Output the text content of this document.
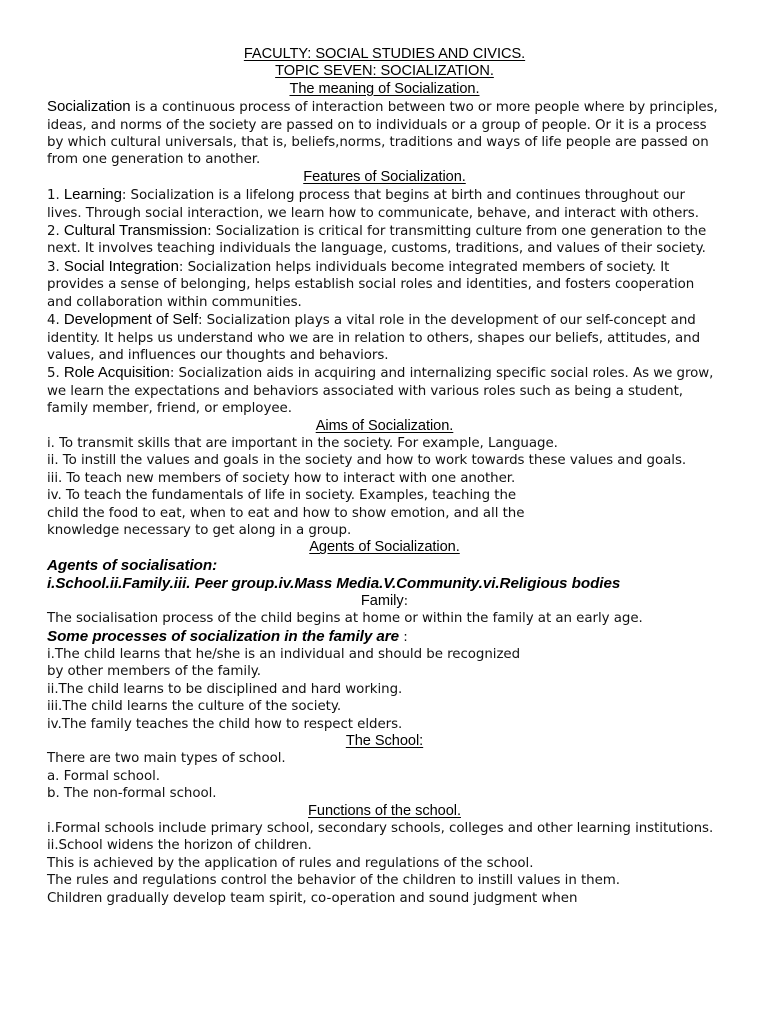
FACULTY: SOCIAL STUDIES AND CIVICS.
TOPIC SEVEN: SOCIALIZATION.
The meaning of Socialization.

Socialization is a continuous process of interaction between two or more people where by principles, ideas, and norms of the society are passed on to individuals or a group of people. Or it is a process by which cultural universals, that is, beliefs,norms, traditions and ways of life people are passed on from one generation to another.

Features of Socialization.

1. Learning: Socialization is a lifelong process that begins at birth and continues throughout our lives. Through social interaction, we learn how to communicate, behave, and interact with others.

2. Cultural Transmission: Socialization is critical for transmitting culture from one generation to the next. It involves teaching individuals the language, customs, traditions, and values of their society.

3. Social Integration: Socialization helps individuals become integrated members of society. It provides a sense of belonging, helps establish social roles and identities, and fosters cooperation and collaboration within communities.

4. Development of Self: Socialization plays a vital role in the development of our self-concept and identity. It helps us understand who we are in relation to others, shapes our beliefs, attitudes, and values, and influences our thoughts and behaviors.

5. Role Acquisition: Socialization aids in acquiring and internalizing specific social roles. As we grow, we learn the expectations and behaviors associated with various roles such as being a student, family member, friend, or employee.

Aims of Socialization.

i. To transmit skills that are important in the society. For example, Language.

ii. To instill the values and goals in the society and how to work towards these values and goals.

iii. To teach new members of society how to interact with one another.

iv. To teach the fundamentals of life in society. Examples, teaching the
child the food to eat, when to eat and how to show emotion, and all the
knowledge necessary to get along in a group.
Agents of Socialization.
Agents of socialisation:
i.School.ii.Family.iii. Peer group.iv.Mass Media.V.Community.vi.Religious bodies
Family:

The socialisation process of the child begins at home or within the family at an early age.

Some processes of socialization in the family are :
i.The child learns that he/she is an individual and should be recognized
by other members of the family.
ii.The child learns to be disciplined and hard working.
iii.The child learns the culture of the society.
iv.The family teaches the child how to respect elders.
The School:
There are two main types of school.
a. Formal school.
b. The non-formal school.
Functions of the school.

i.Formal schools include primary school, secondary schools, colleges and other learning institutions.

ii.School widens the horizon of children.

This is achieved by the application of rules and regulations of the school.

The rules and regulations control the behavior of the children to instill values in them.

Children gradually develop team spirit, co-operation and sound judgment when
